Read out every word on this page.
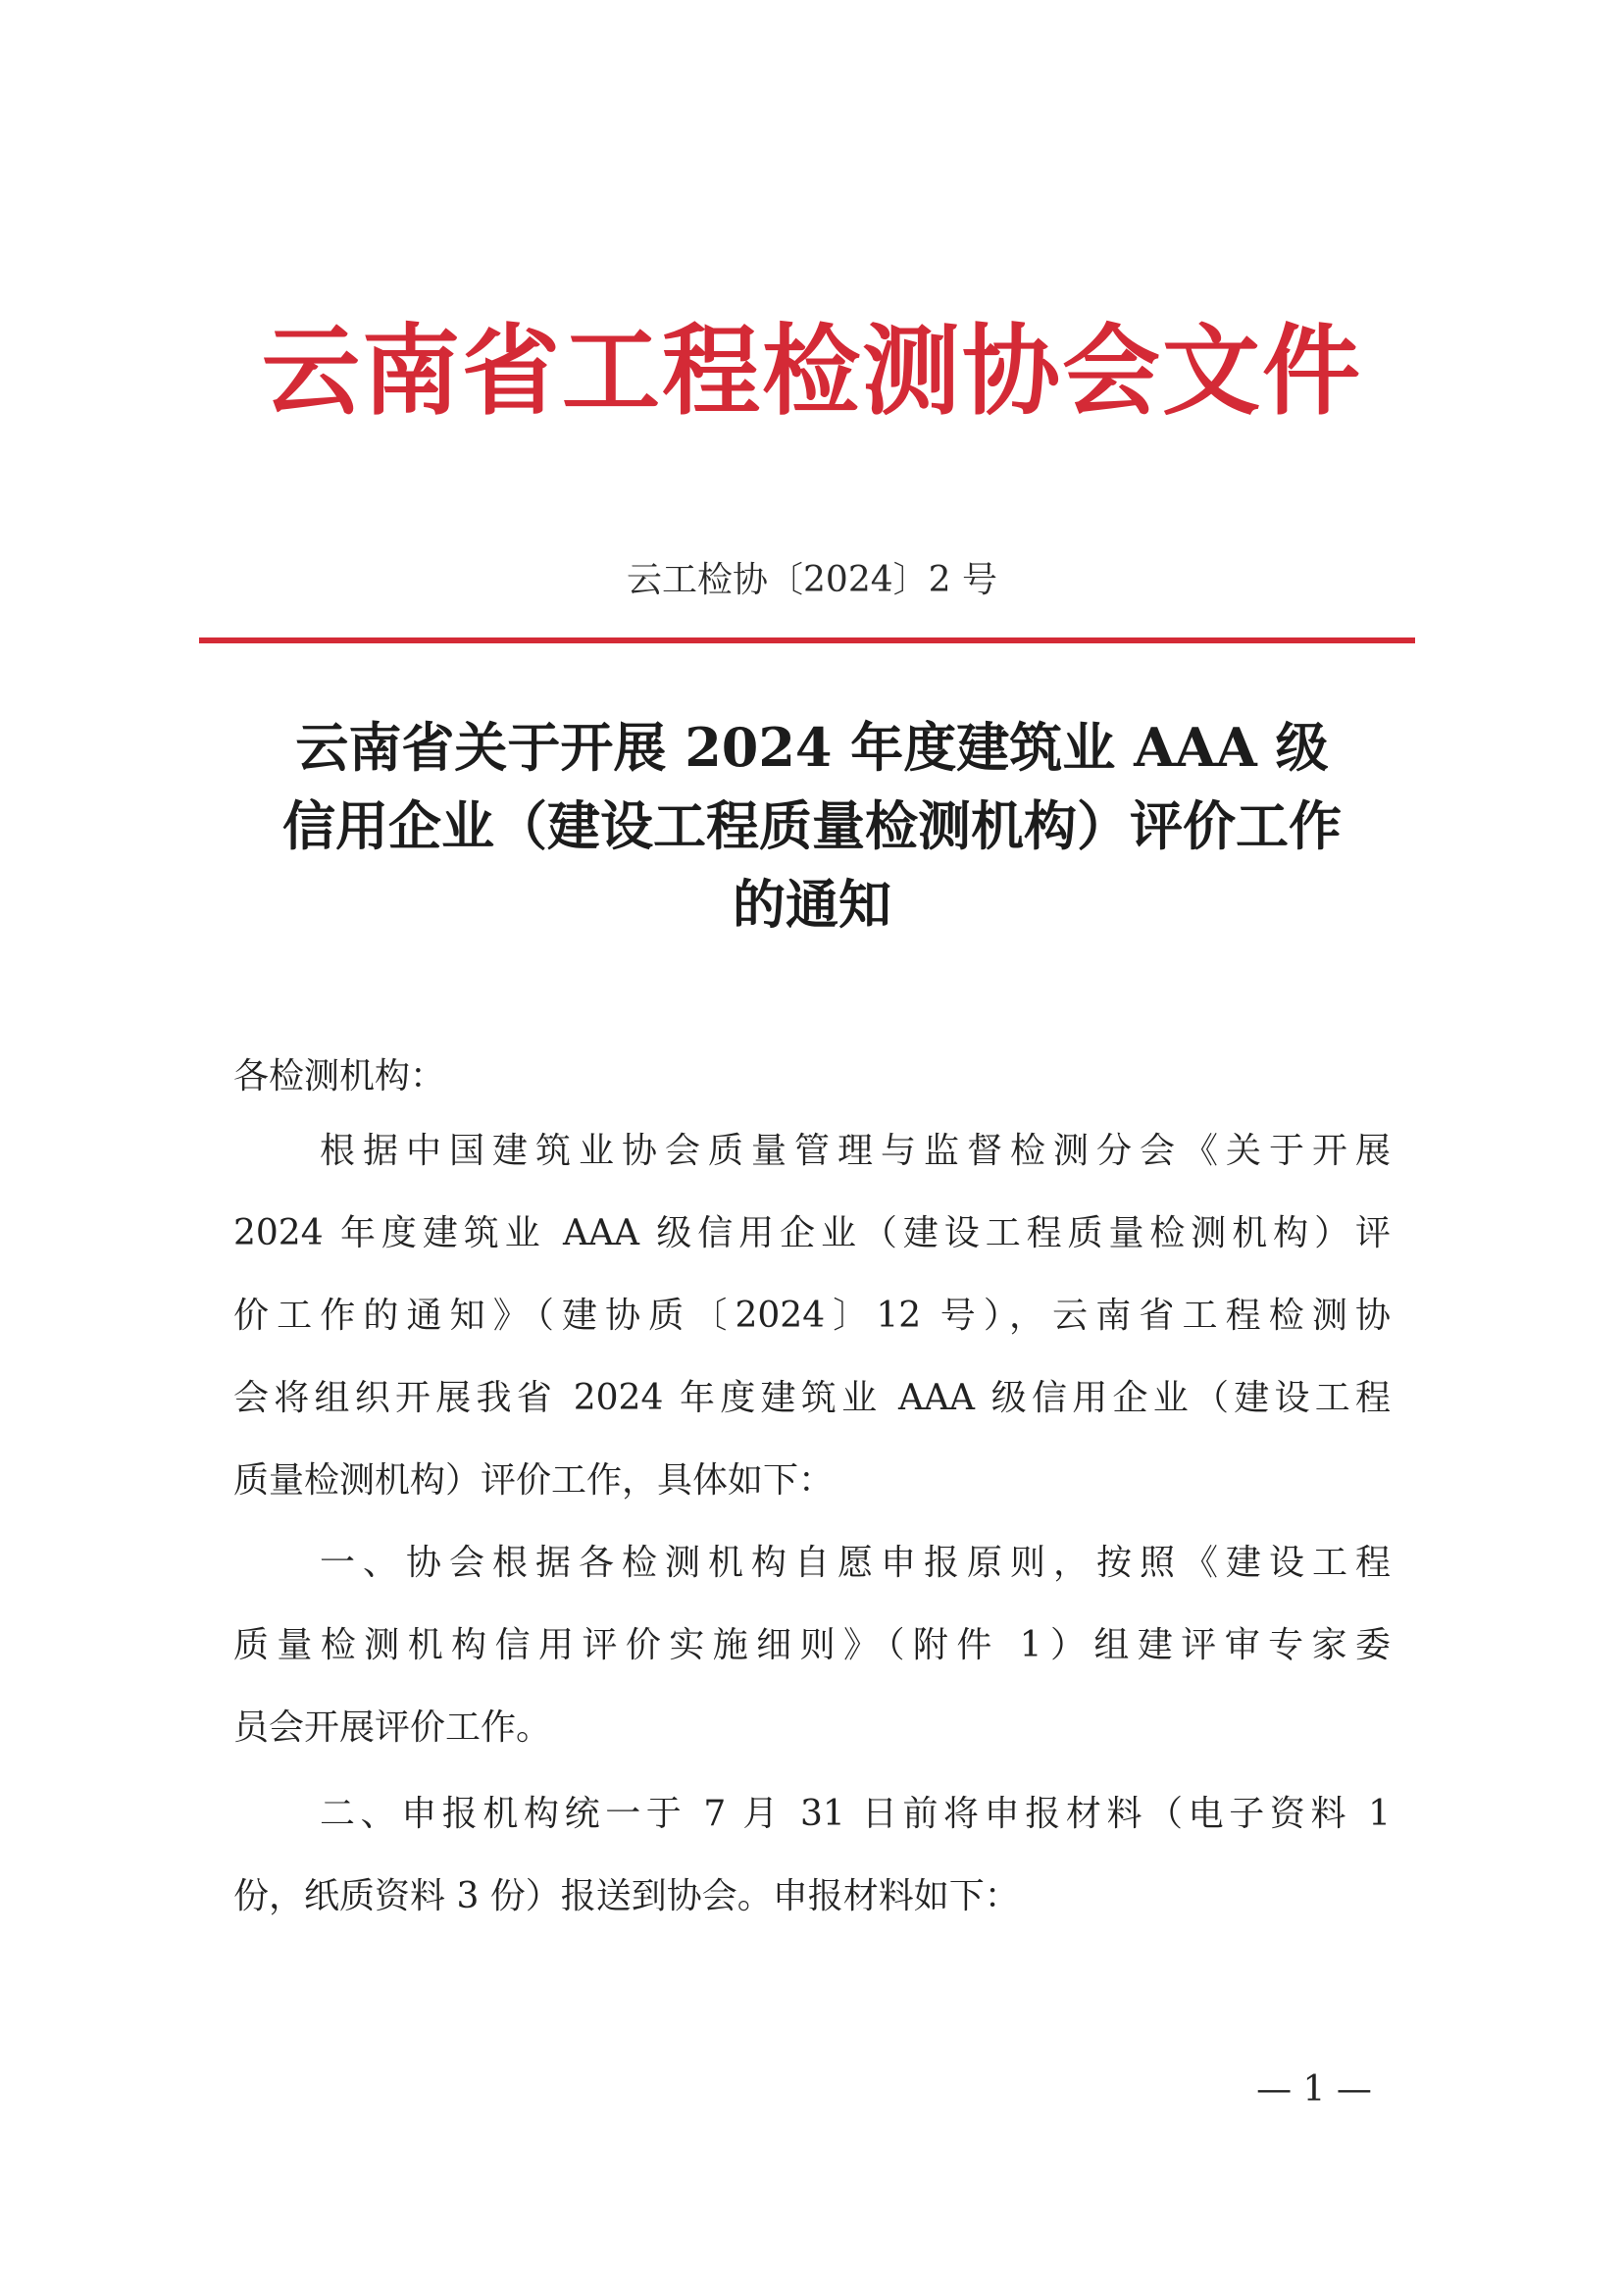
云南省工程检测协会文件
云工检协〔2024〕2 号
云南省关于开展 2024 年度建筑业 AAA 级
信用企业（建设工程质量检测机构）评价工作
的通知
各检测机构：
根据中国建筑业协会质量管理与监督检测分会《关于开展
2024 年度建筑业 AAA 级信用企业（建设工程质量检测机构）评
价工作的通知》（建协质〔2024〕12 号），云南省工程检测协
会将组织开展我省 2024 年度建筑业 AAA 级信用企业（建设工程
质量检测机构）评价工作，具体如下：
一、协会根据各检测机构自愿申报原则，按照《建设工程
质量检测机构信用评价实施细则》（附件 1）组建评审专家委
员会开展评价工作。
二、申报机构统一于 7 月 31 日前将申报材料（电子资料 1
份，纸质资料 3 份）报送到协会。申报材料如下：
— 1 —
